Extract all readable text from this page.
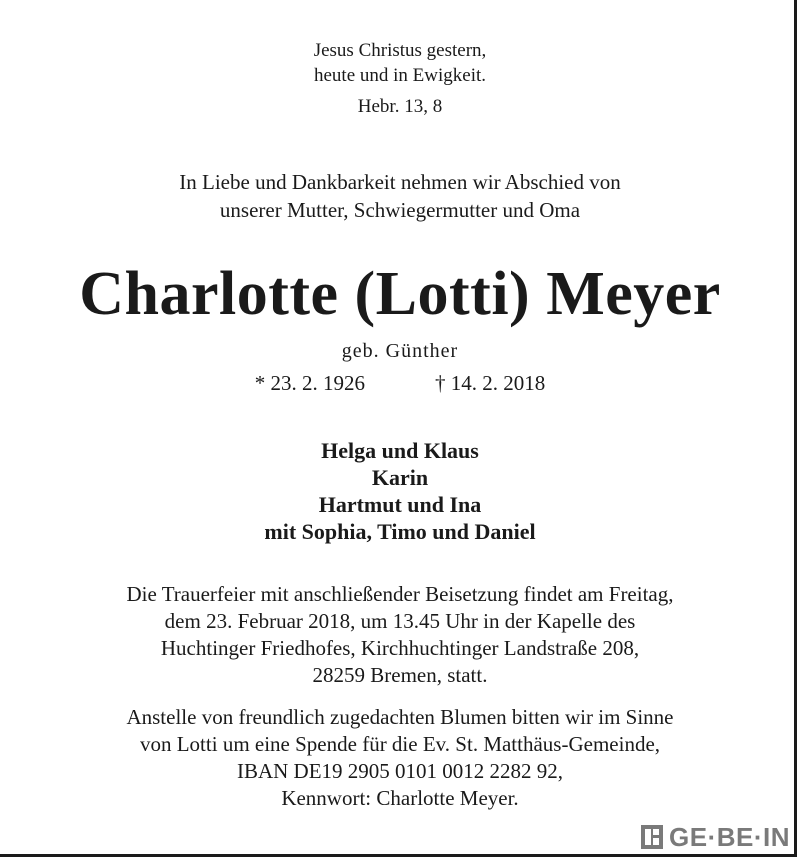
Jesus Christus gestern,
heute und in Ewigkeit.
Hebr. 13, 8
In Liebe und Dankbarkeit nehmen wir Abschied von
unserer Mutter, Schwiegermutter und Oma
Charlotte (Lotti) Meyer
geb. Günther
* 23. 2. 1926	† 14. 2. 2018
Helga und Klaus
Karin
Hartmut und Ina
mit Sophia, Timo und Daniel
Die Trauerfeier mit anschließender Beisetzung findet am Freitag,
dem 23. Februar 2018, um 13.45 Uhr in der Kapelle des
Huchtinger Friedhofes, Kirchhuchtinger Landstraße 208,
28259 Bremen, statt.
Anstelle von freundlich zugedachten Blumen bitten wir im Sinne
von Lotti um eine Spende für die Ev. St. Matthäus-Gemeinde,
IBAN DE19 2905 0101 0012 2282 92,
Kennwort: Charlotte Meyer.
GE·BE·IN
